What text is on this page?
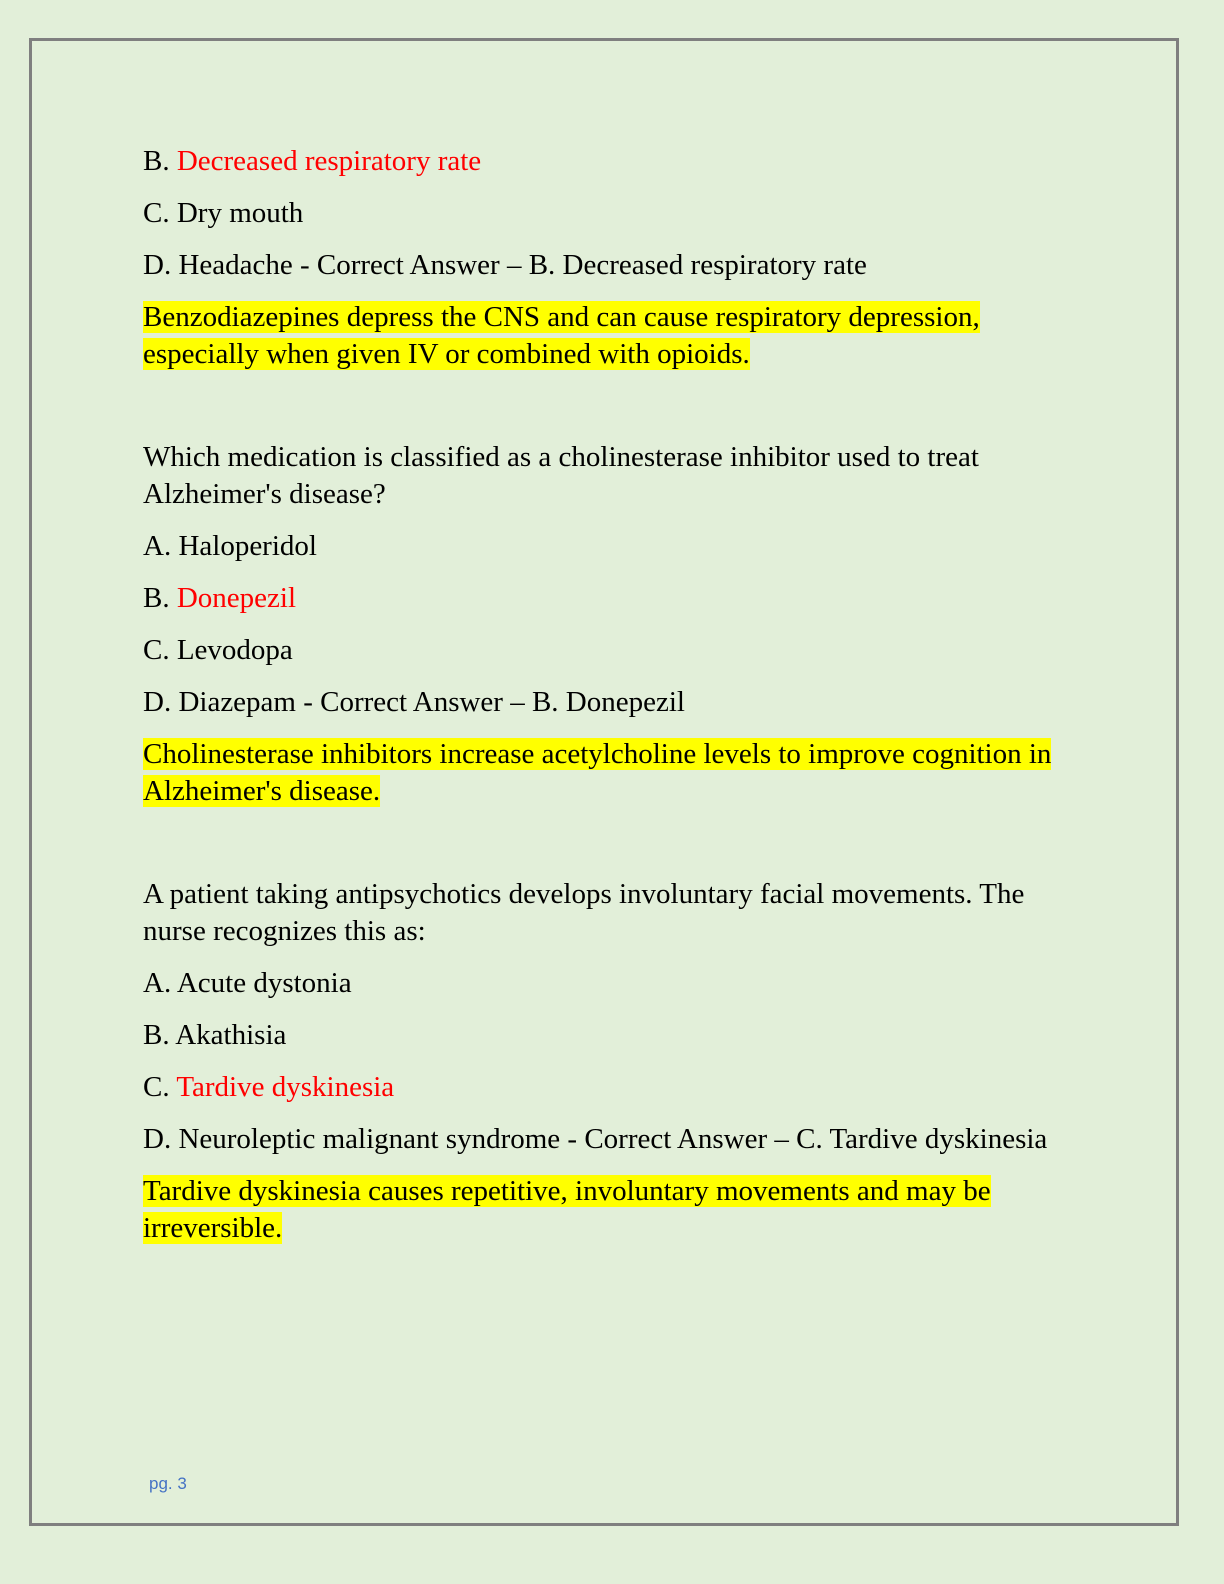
B. Decreased respiratory rate
C. Dry mouth
D. Headache - Correct Answer – B. Decreased respiratory rate
Benzodiazepines depress the CNS and can cause respiratory depression, especially when given IV or combined with opioids.
Which medication is classified as a cholinesterase inhibitor used to treat Alzheimer's disease?
A. Haloperidol
B. Donepezil
C. Levodopa
D. Diazepam - Correct Answer – B. Donepezil
Cholinesterase inhibitors increase acetylcholine levels to improve cognition in Alzheimer's disease.
A patient taking antipsychotics develops involuntary facial movements. The nurse recognizes this as:
A. Acute dystonia
B. Akathisia
C. Tardive dyskinesia
D. Neuroleptic malignant syndrome - Correct Answer – C. Tardive dyskinesia
Tardive dyskinesia causes repetitive, involuntary movements and may be irreversible.
pg. 3
